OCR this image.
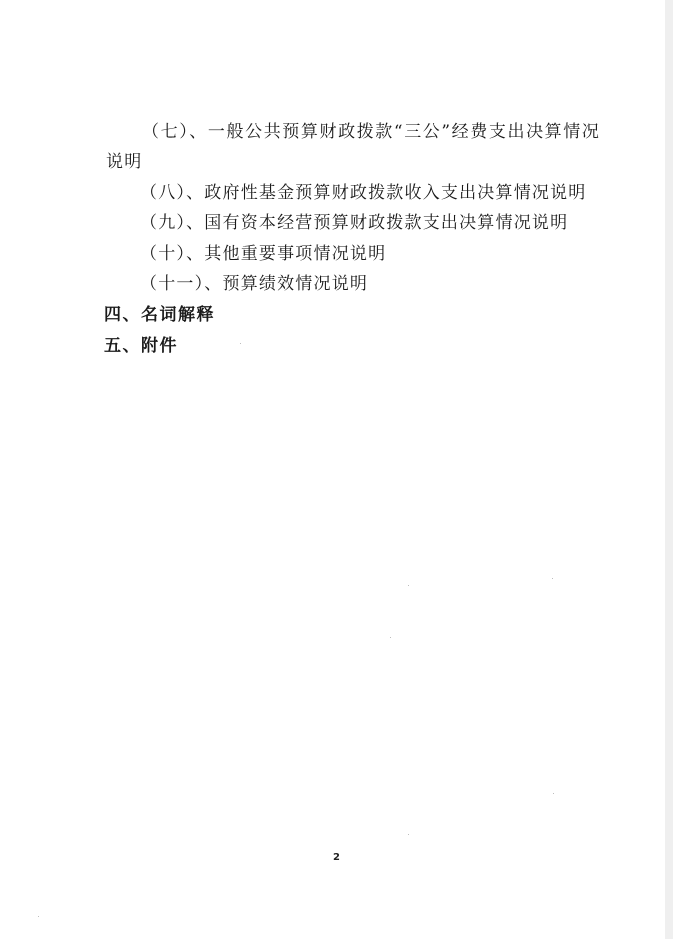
（七）、一般公共预算财政拨款“三公”经费支出决算情况
说明
（八）、政府性基金预算财政拨款收入支出决算情况说明
（九）、国有资本经营预算财政拨款支出决算情况说明
（十）、其他重要事项情况说明
（十一）、预算绩效情况说明
四、名词解释
五、附件
2
